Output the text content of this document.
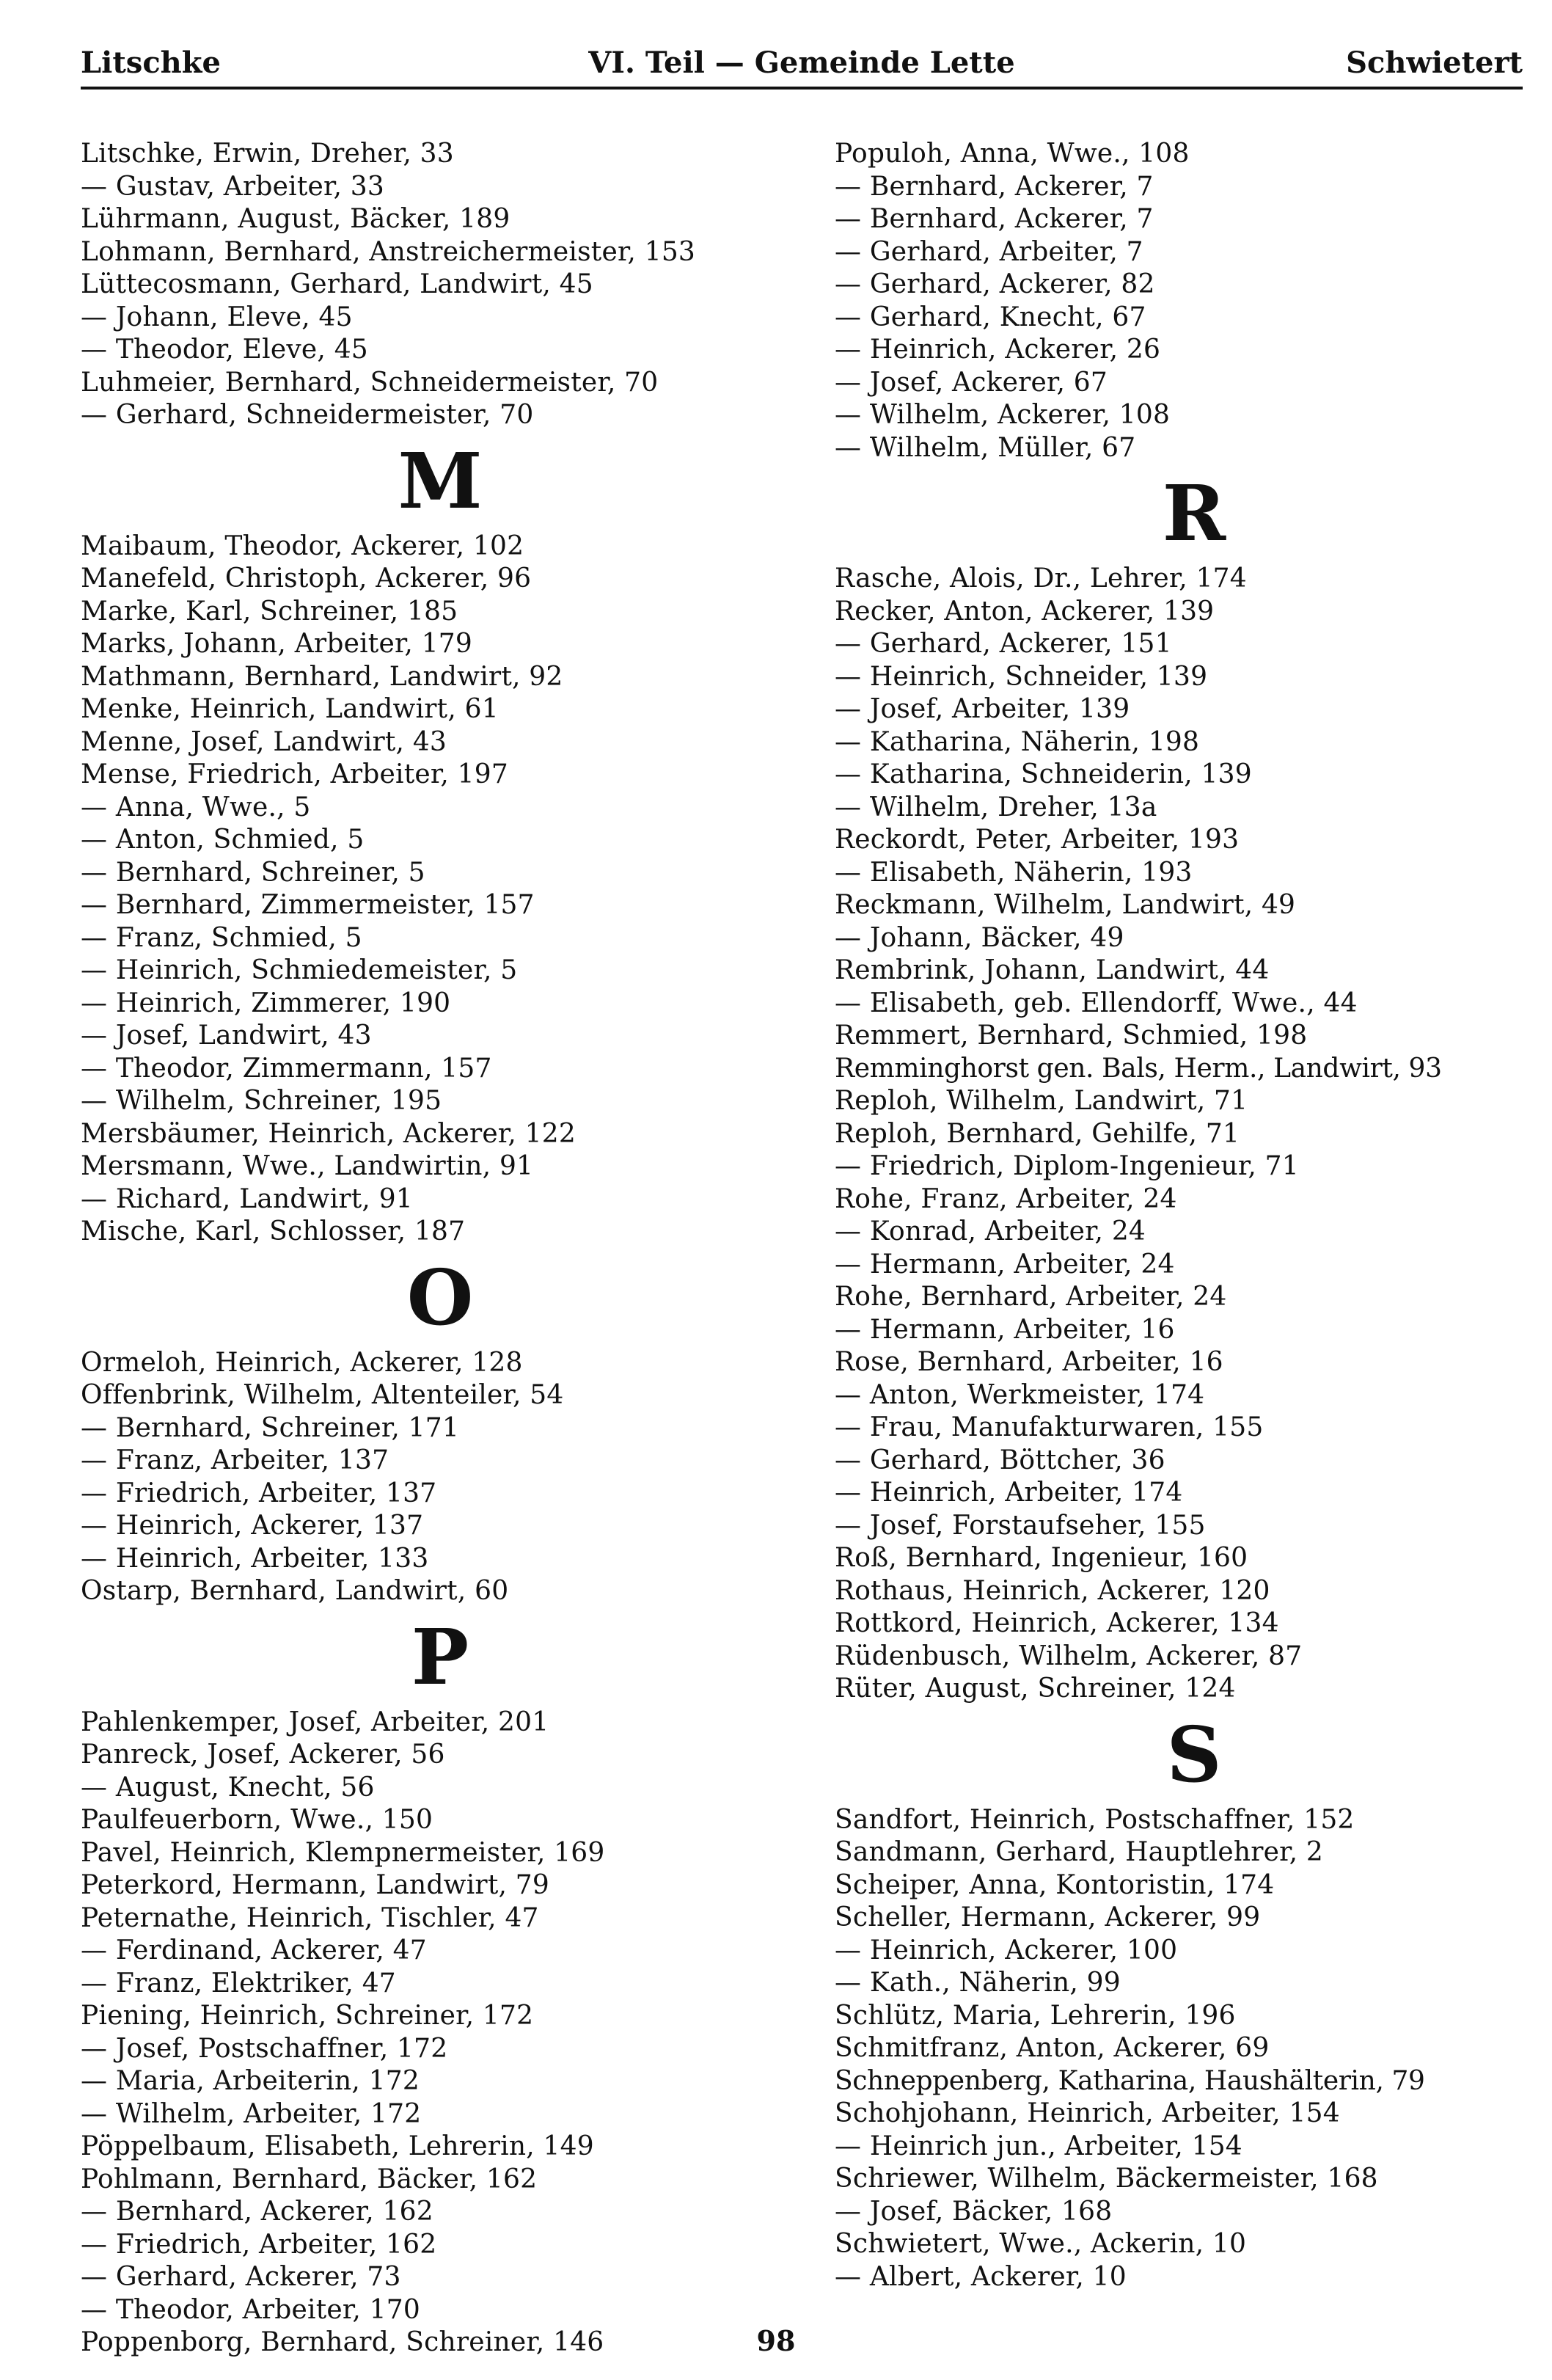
Litschke	VI. Teil — Gemeinde Lette	Schwietert
Litschke, Erwin, Dreher, 33
— Gustav, Arbeiter, 33
Lührmann, August, Bäcker, 189
Lohmann, Bernhard, Anstreichermeister, 153
Lüttecosmann, Gerhard, Landwirt, 45
— Johann, Eleve, 45
— Theodor, Eleve, 45
Luhmeier, Bernhard, Schneidermeister, 70
— Gerhard, Schneidermeister, 70
M
Maibaum, Theodor, Ackerer, 102
Manefeld, Christoph, Ackerer, 96
Marke, Karl, Schreiner, 185
Marks, Johann, Arbeiter, 179
Mathmann, Bernhard, Landwirt, 92
Menke, Heinrich, Landwirt, 61
Menne, Josef, Landwirt, 43
Mense, Friedrich, Arbeiter, 197
— Anna, Wwe., 5
— Anton, Schmied, 5
— Bernhard, Schreiner, 5
— Bernhard, Zimmermeister, 157
— Franz, Schmied, 5
— Heinrich, Schmiedemeister, 5
— Heinrich, Zimmerer, 190
— Josef, Landwirt, 43
— Theodor, Zimmermann, 157
— Wilhelm, Schreiner, 195
Mersbäumer, Heinrich, Ackerer, 122
Mersmann, Wwe., Landwirtin, 91
— Richard, Landwirt, 91
Mische, Karl, Schlosser, 187
O
Ormeloh, Heinrich, Ackerer, 128
Offenbrink, Wilhelm, Altenteiler, 54
— Bernhard, Schreiner, 171
— Franz, Arbeiter, 137
— Friedrich, Arbeiter, 137
— Heinrich, Ackerer, 137
— Heinrich, Arbeiter, 133
Ostarp, Bernhard, Landwirt, 60
P
Pahlenkemper, Josef, Arbeiter, 201
Panreck, Josef, Ackerer, 56
— August, Knecht, 56
Paulfeuerborn, Wwe., 150
Pavel, Heinrich, Klempnermeister, 169
Peterkord, Hermann, Landwirt, 79
Peternathe, Heinrich, Tischler, 47
— Ferdinand, Ackerer, 47
— Franz, Elektriker, 47
Piening, Heinrich, Schreiner, 172
— Josef, Postschaffner, 172
— Maria, Arbeiterin, 172
— Wilhelm, Arbeiter, 172
Pöppelbaum, Elisabeth, Lehrerin, 149
Pohlmann, Bernhard, Bäcker, 162
— Bernhard, Ackerer, 162
— Friedrich, Arbeiter, 162
— Gerhard, Ackerer, 73
— Theodor, Arbeiter, 170
Poppenborg, Bernhard, Schreiner, 146
Populoh, Anna, Wwe., 108
— Bernhard, Ackerer, 7
— Bernhard, Ackerer, 7
— Gerhard, Arbeiter, 7
— Gerhard, Ackerer, 82
— Gerhard, Knecht, 67
— Heinrich, Ackerer, 26
— Josef, Ackerer, 67
— Wilhelm, Ackerer, 108
— Wilhelm, Müller, 67
R
Rasche, Alois, Dr., Lehrer, 174
Recker, Anton, Ackerer, 139
— Gerhard, Ackerer, 151
— Heinrich, Schneider, 139
— Josef, Arbeiter, 139
— Katharina, Näherin, 198
— Katharina, Schneiderin, 139
— Wilhelm, Dreher, 13a
Reckordt, Peter, Arbeiter, 193
— Elisabeth, Näherin, 193
Reckmann, Wilhelm, Landwirt, 49
— Johann, Bäcker, 49
Rembrink, Johann, Landwirt, 44
— Elisabeth, geb. Ellendorff, Wwe., 44
Remmert, Bernhard, Schmied, 198
Remminghorst gen. Bals, Herm., Landwirt, 93
Reploh, Wilhelm, Landwirt, 71
Reploh, Bernhard, Gehilfe, 71
— Friedrich, Diplom-Ingenieur, 71
Rohe, Franz, Arbeiter, 24
— Konrad, Arbeiter, 24
— Hermann, Arbeiter, 24
Rohe, Bernhard, Arbeiter, 24
— Hermann, Arbeiter, 16
Rose, Bernhard, Arbeiter, 16
— Anton, Werkmeister, 174
— Frau, Manufakturwaren, 155
— Gerhard, Böttcher, 36
— Heinrich, Arbeiter, 174
— Josef, Forstaufseher, 155
Roß, Bernhard, Ingenieur, 160
Rothaus, Heinrich, Ackerer, 120
Rottkord, Heinrich, Ackerer, 134
Rüdenbusch, Wilhelm, Ackerer, 87
Rüter, August, Schreiner, 124
S
Sandfort, Heinrich, Postschaffner, 152
Sandmann, Gerhard, Hauptlehrer, 2
Scheiper, Anna, Kontoristin, 174
Scheller, Hermann, Ackerer, 99
— Heinrich, Ackerer, 100
— Kath., Näherin, 99
Schlütz, Maria, Lehrerin, 196
Schmitfranz, Anton, Ackerer, 69
Schneppenberg, Katharina, Haushälterin, 79
Schohjohann, Heinrich, Arbeiter, 154
— Heinrich jun., Arbeiter, 154
Schriewer, Wilhelm, Bäckermeister, 168
— Josef, Bäcker, 168
Schwietert, Wwe., Ackerin, 10
— Albert, Ackerer, 10
98
